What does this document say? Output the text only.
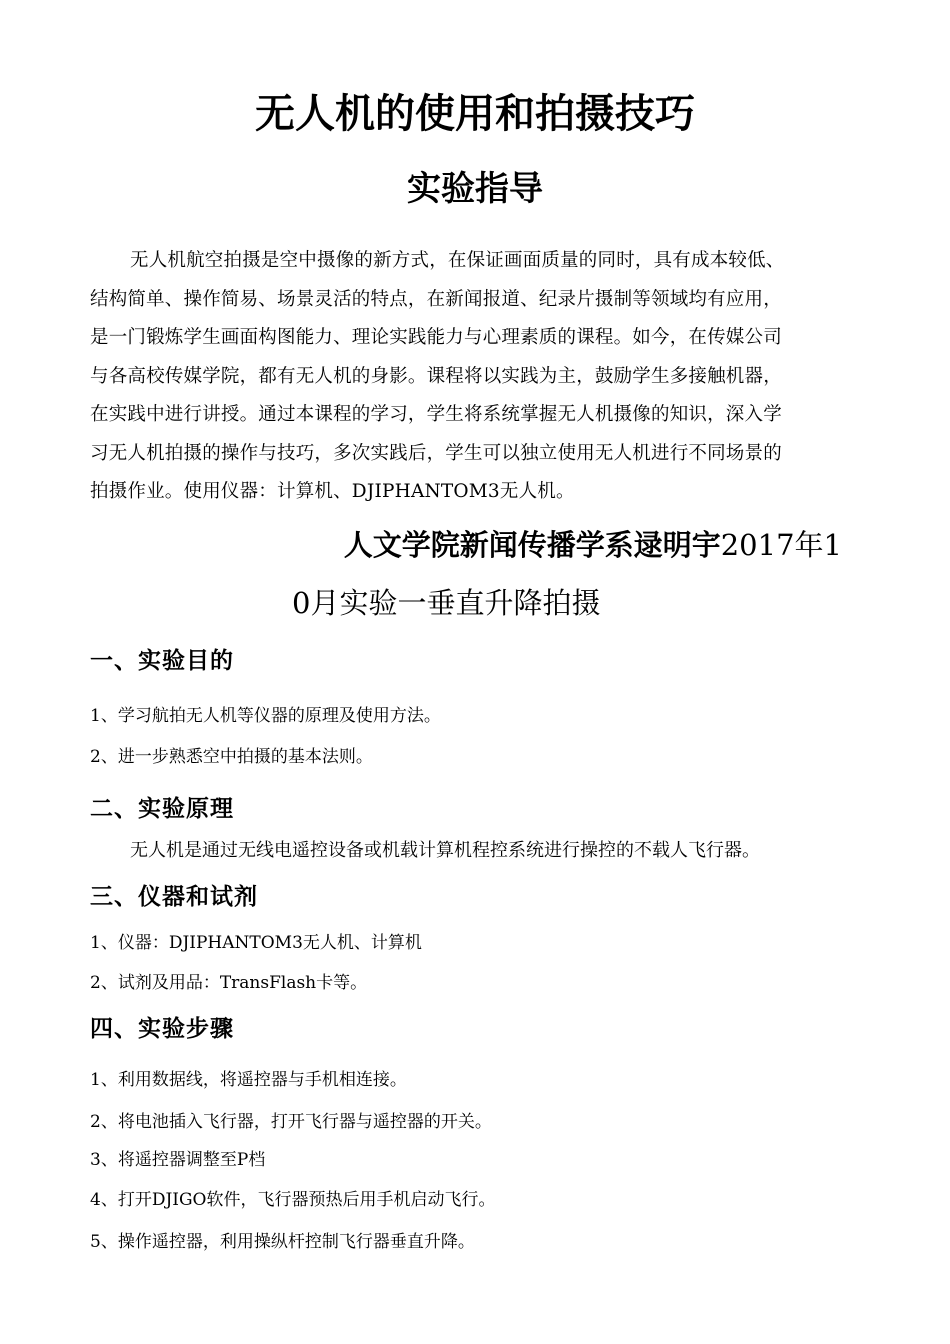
无人机的使用和拍摄技巧
实验指导

无人机航空拍摄是空中摄像的新方式，在保证画面质量的同时，具有成本较低、
结构简单、操作简易、场景灵活的特点，在新闻报道、纪录片摄制等领域均有应用，
是一门锻炼学生画面构图能力、理论实践能力与心理素质的课程。如今，在传媒公司
与各高校传媒学院，都有无人机的身影。课程将以实践为主，鼓励学生多接触机器，
在实践中进行讲授。通过本课程的学习，学生将系统掌握无人机摄像的知识，深入学
习无人机拍摄的操作与技巧，多次实践后，学生可以独立使用无人机进行不同场景的
拍摄作业。使用仪器：计算机、DJIPHANTOM3无人机。

人文学院新闻传播学系逯明宇2017年1

0月实验一垂直升降拍摄

一、实验目的

1、学习航拍无人机等仪器的原理及使用方法。

2、进一步熟悉空中拍摄的基本法则。

二、实验原理

无人机是通过无线电遥控设备或机载计算机程控系统进行操控的不载人飞行器。

三、仪器和试剂

1、仪器：DJIPHANTOM3无人机、计算机

2、试剂及用品：TransFlash卡等。

四、实验步骤

1、利用数据线，将遥控器与手机相连接。

2、将电池插入飞行器，打开飞行器与遥控器的开关。

3、将遥控器调整至P档

4、打开DJIGO软件，飞行器预热后用手机启动飞行。

5、操作遥控器，利用操纵杆控制飞行器垂直升降。
